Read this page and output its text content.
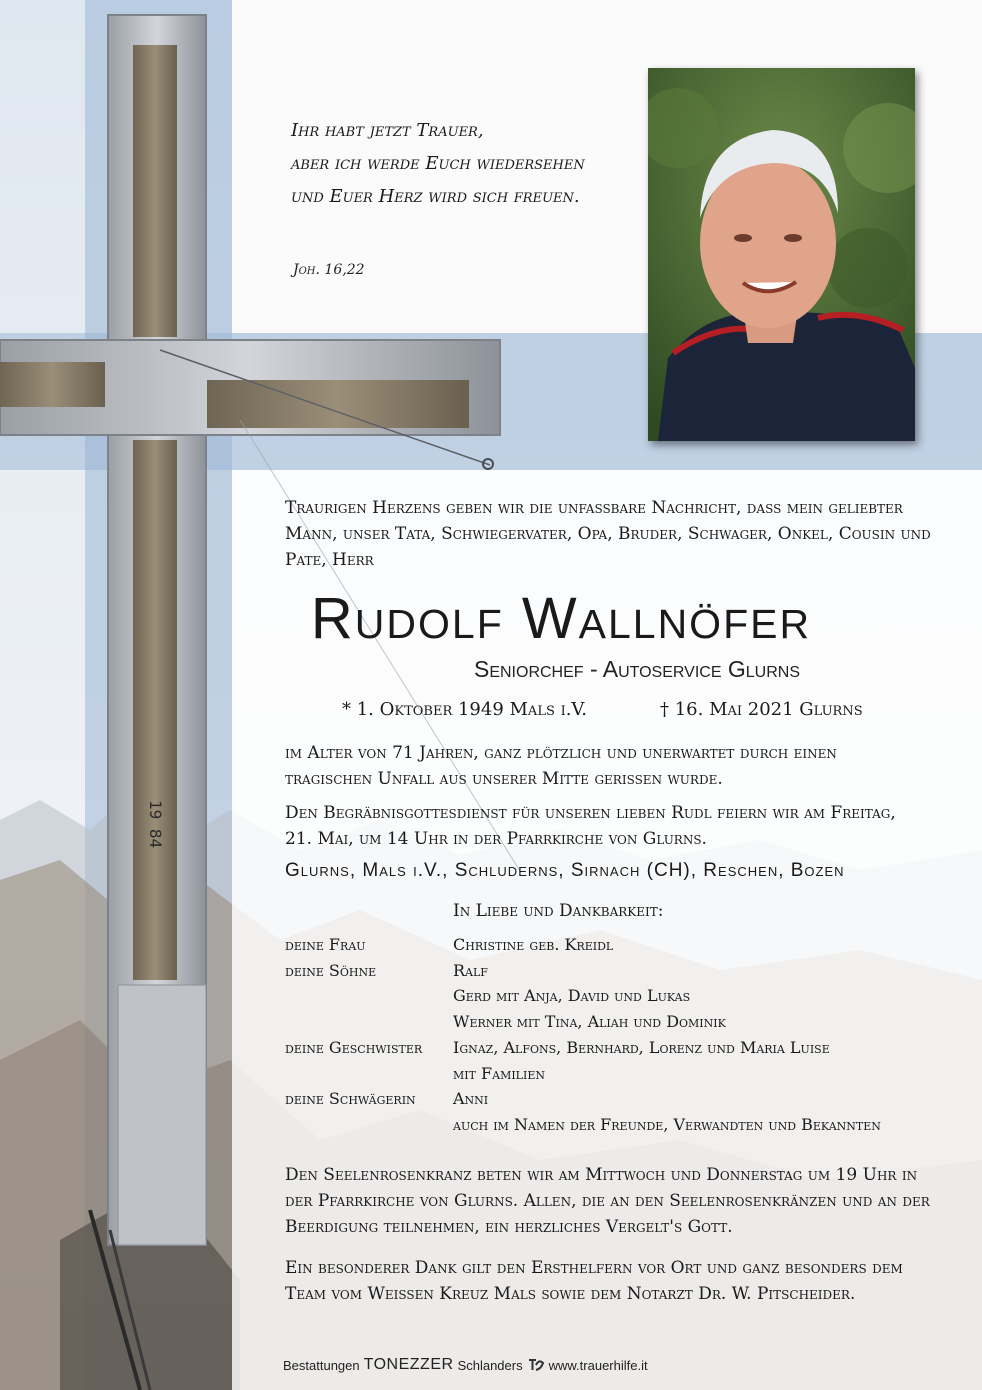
19 84
Ihr habt jetzt Trauer,
aber ich werde Euch wiedersehen
und Euer Herz wird sich freuen.
Joh. 16,22
Traurigen Herzens geben wir die unfassbare Nachricht, dass mein geliebter Mann, unser Tata, Schwiegervater, Opa, Bruder, Schwager, Onkel, Cousin und Pate, Herr
Rudolf Wallnöfer
Seniorchef - Autoservice Glurns
* 1. Oktober 1949 Mals i.V.	† 16. Mai 2021 Glurns
im Alter von 71 Jahren, ganz plötzlich und unerwartet durch einen tragischen Unfall aus unserer Mitte gerissen wurde.
Den Begräbnisgottesdienst für unseren lieben Rudl feiern wir am Freitag, 21. Mai, um 14 Uhr in der Pfarrkirche von Glurns.
Glurns, Mals i.V., Schluderns, Sirnach (CH), Reschen, Bozen
In Liebe und Dankbarkeit:
deine Frau	Christine geb. Kreidl
deine Söhne	Ralf
Gerd mit Anja, David und Lukas
Werner mit Tina, Aliah und Dominik
deine Geschwister	Ignaz, Alfons, Bernhard, Lorenz und Maria Luise
mit Familien
deine Schwägerin	Anni
auch im Namen der Freunde, Verwandten und Bekannten
Den Seelenrosenkranz beten wir am Mittwoch und Donnerstag um 19 Uhr in der Pfarrkirche von Glurns. Allen, die an den Seelenrosenkränzen und an der Beerdigung teilnehmen, ein herzliches Vergelt's Gott.
Ein besonderer Dank gilt den Ersthelfern vor Ort und ganz besonders dem Team vom Weissen Kreuz Mals sowie dem Notarzt Dr. W. Pitscheider.
Bestattungen TONEZZER Schlanders www.trauerhilfe.it
